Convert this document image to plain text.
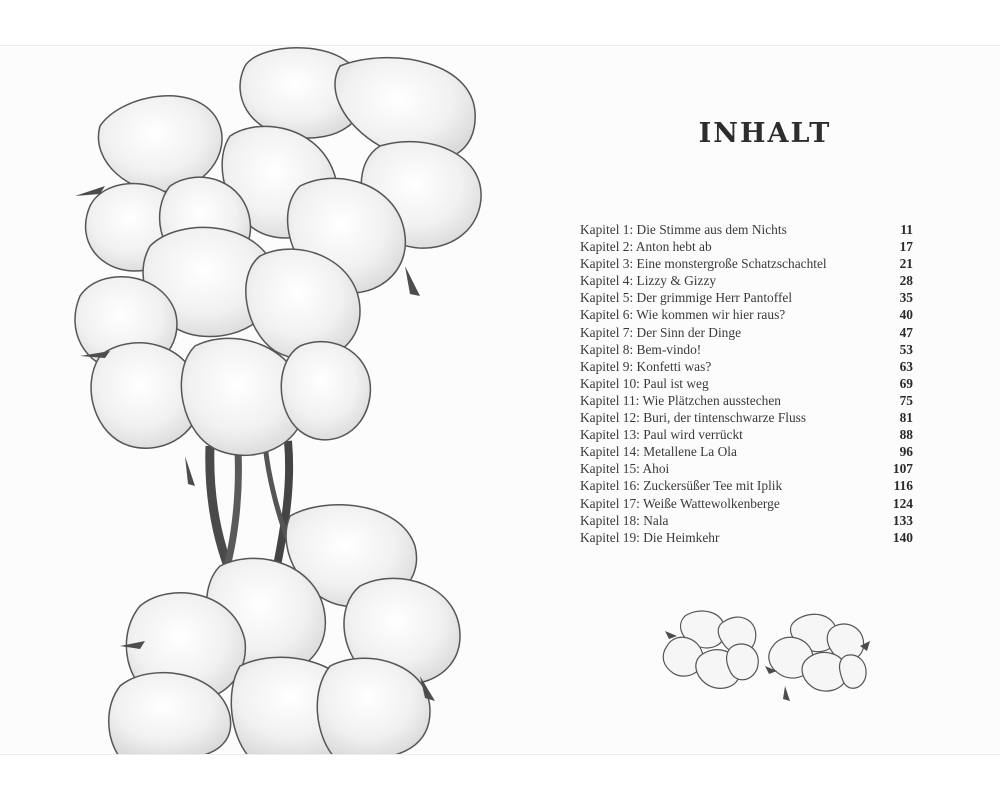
INHALT
Kapitel 1: Die Stimme aus dem Nichts	11
Kapitel 2: Anton hebt ab	17
Kapitel 3: Eine monstergroße Schatzschachtel	21
Kapitel 4: Lizzy & Gizzy	28
Kapitel 5: Der grimmige Herr Pantoffel	35
Kapitel 6: Wie kommen wir hier raus?	40
Kapitel 7: Der Sinn der Dinge	47
Kapitel 8: Bem-vindo!	53
Kapitel 9: Konfetti was?	63
Kapitel 10: Paul ist weg	69
Kapitel 11: Wie Plätzchen ausstechen	75
Kapitel 12: Buri, der tintenschwarze Fluss	81
Kapitel 13: Paul wird verrückt	88
Kapitel 14: Metallene La Ola	96
Kapitel 15: Ahoi	107
Kapitel 16: Zuckersüßer Tee mit Iplik	116
Kapitel 17: Weiße Wattewolkenberge	124
Kapitel 18: Nala	133
Kapitel 19: Die Heimkehr	140
